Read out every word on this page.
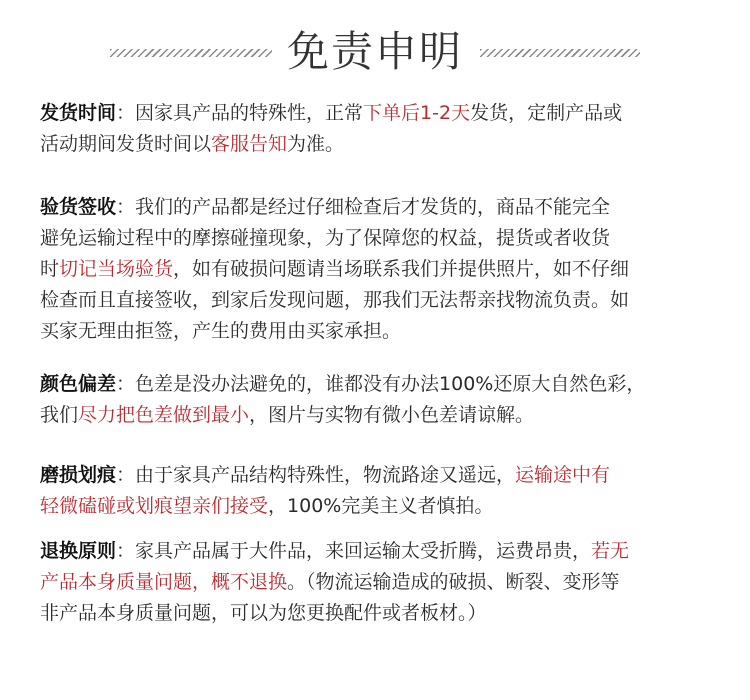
免责申明
发货时间：因家具产品的特殊性，正常下单后1-2天发货，定制产品或
活动期间发货时间以客服告知为准。
验货签收：我们的产品都是经过仔细检查后才发货的，商品不能完全
避免运输过程中的摩擦碰撞现象，为了保障您的权益，提货或者收货
时切记当场验货，如有破损问题请当场联系我们并提供照片，如不仔细
检查而且直接签收，到家后发现问题，那我们无法帮亲找物流负责。如
买家无理由拒签，产生的费用由买家承担。
颜色偏差：色差是没办法避免的，谁都没有办法100%还原大自然色彩，
我们尽力把色差做到最小，图片与实物有微小色差请谅解。
磨损划痕：由于家具产品结构特殊性，物流路途又遥远，运输途中有
轻微磕碰或划痕望亲们接受，100%完美主义者慎拍。
退换原则：家具产品属于大件品，来回运输太受折腾，运费昂贵，若无
产品本身质量问题，概不退换。（物流运输造成的破损、断裂、变形等
非产品本身质量问题，可以为您更换配件或者板材。）
